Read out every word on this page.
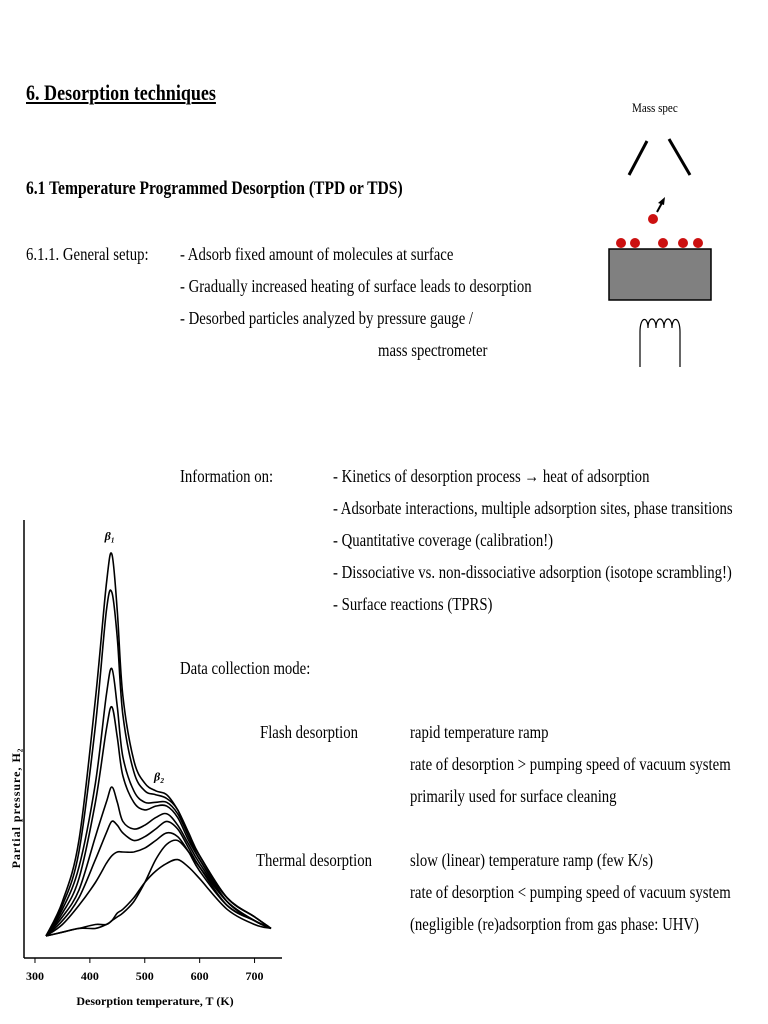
6. Desorption techniques
6.1 Temperature Programmed Desorption (TPD or TDS)
6.1.1. General setup: - Adsorb fixed amount of molecules at surface
- Gradually increased heating of surface leads to desorption
- Desorbed particles analyzed by pressure gauge /
mass spectrometer
Mass spec
Information on:	- Kinetics of desorption process → heat of adsorption
- Adsorbate interactions, multiple adsorption sites, phase transitions
- Quantitative coverage (calibration!)
- Dissociative vs. non-dissociative adsorption (isotope scrambling!)
- Surface reactions (TPRS)
Data collection mode:
Flash desorption	rapid temperature ramp
rate of desorption > pumping speed of vacuum system
primarily used for surface cleaning
Thermal desorption slow (linear) temperature ramp (few K/s)
rate of desorption < pumping speed of vacuum system
(negligible (re)adsorption from gas phase: UHV)
300	400	500	600	700
β₁
β₂
Partial pressure, H₂
Desorption temperature, T (K)
